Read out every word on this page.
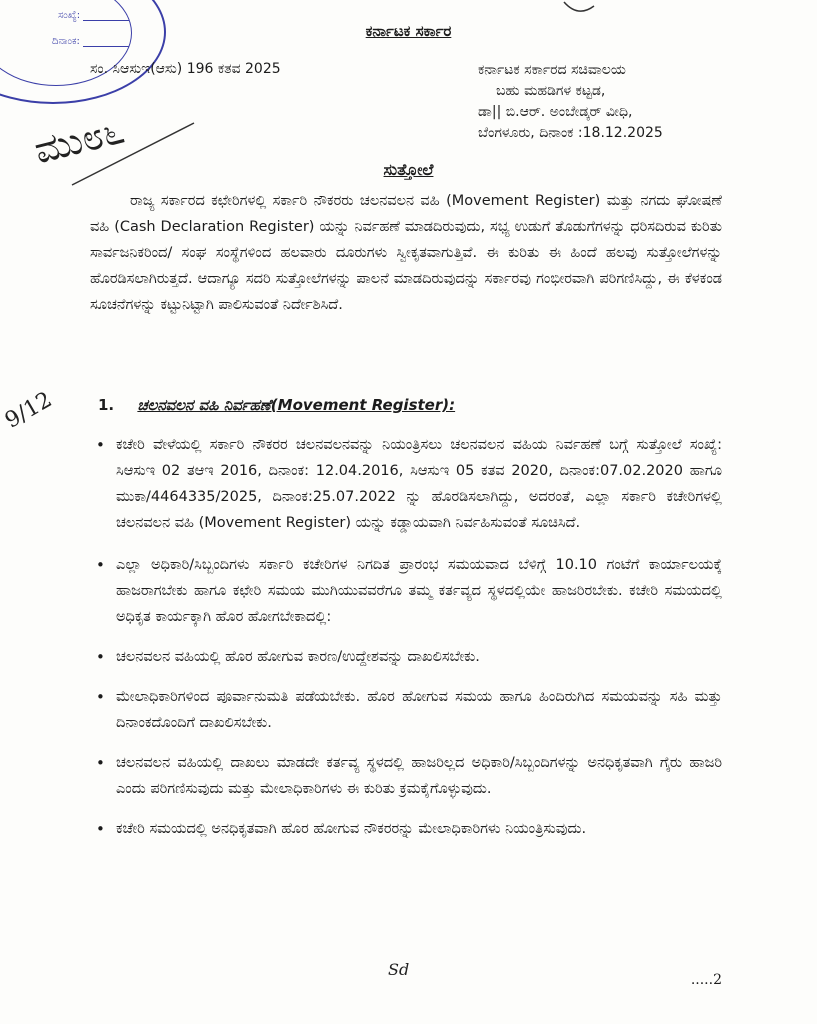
ಸಂಖ್ಯೆ:
ದಿನಾಂಕ:
ಕರ್ನಾಟಕ ಸರ್ಕಾರ
ಸಂ. ಸಿಆಸುಇ(ಆಸು) 196 ಕತವ 2025	ಕರ್ನಾಟಕ ಸರ್ಕಾರದ ಸಚಿವಾಲಯ
ಬಹು ಮಹಡಿಗಳ ಕಟ್ಟಡ,
ಡಾ|| ಬಿ.ಆರ್. ಅಂಬೇಡ್ಕರ್ ವೀಧಿ,
ಬೆಂಗಳೂರು, ದಿನಾಂಕ :18.12.2025
ಮು೮೬	ಸುತ್ತೋಲೆ
ರಾಜ್ಯ ಸರ್ಕಾರದ ಕಛೇರಿಗಳಲ್ಲಿ ಸರ್ಕಾರಿ ನೌಕರರು ಚಲನವಲನ ವಹಿ (Movement Register) ಮತ್ತು ನಗದು ಘೋಷಣೆ ವಹಿ (Cash Declaration Register) ಯನ್ನು ನಿರ್ವಹಣೆ ಮಾಡದಿರುವುದು, ಸಭ್ಯ ಉಡುಗೆ ತೊಡುಗೆಗಳನ್ನು ಧರಿಸದಿರುವ ಕುರಿತು ಸಾರ್ವಜನಿಕರಿಂದ/ ಸಂಘ ಸಂಸ್ಥೆಗಳಿಂದ ಹಲವಾರು ದೂರುಗಳು ಸ್ವೀಕೃತವಾಗುತ್ತಿವೆ. ಈ ಕುರಿತು ಈ ಹಿಂದೆ ಹಲವು ಸುತ್ತೋಲೆಗಳನ್ನು ಹೊರಡಿಸಲಾಗಿರುತ್ತದೆ. ಆದಾಗ್ಯೂ ಸದರಿ ಸುತ್ತೋಲೆಗಳನ್ನು ಪಾಲನೆ ಮಾಡದಿರುವುದನ್ನು ಸರ್ಕಾರವು ಗಂಭೀರವಾಗಿ ಪರಿಗಣಿಸಿದ್ದು, ಈ ಕೆಳಕಂಡ ಸೂಚನೆಗಳನ್ನು ಕಟ್ಟುನಿಟ್ಟಾಗಿ ಪಾಲಿಸುವಂತೆ ನಿರ್ದೇಶಿಸಿದೆ.
9/12	1. ಚಲನವಲನ ವಹಿ ನಿರ್ವಹಣೆ(Movement Register):
• ಕಚೇರಿ ವೇಳೆಯಲ್ಲಿ ಸರ್ಕಾರಿ ನೌಕರರ ಚಲನವಲನವನ್ನು ನಿಯಂತ್ರಿಸಲು ಚಲನವಲನ ವಹಿಯ ನಿರ್ವಹಣೆ ಬಗ್ಗೆ ಸುತ್ತೋಲೆ ಸಂಖ್ಯೆ: ಸಿಆಸುಇ 02 ತಆಇ 2016, ದಿನಾಂಕ: 12.04.2016, ಸಿಆಸುಇ 05 ಕತವ 2020, ದಿನಾಂಕ:07.02.2020 ಹಾಗೂ ಮುಕಾ/4464335/2025, ದಿನಾಂಕ:25.07.2022 ನ್ನು ಹೊರಡಿಸಲಾಗಿದ್ದು, ಅದರಂತೆ, ಎಲ್ಲಾ ಸರ್ಕಾರಿ ಕಚೇರಿಗಳಲ್ಲಿ ಚಲನವಲನ ವಹಿ (Movement Register) ಯನ್ನು ಕಡ್ಡಾಯವಾಗಿ ನಿರ್ವಹಿಸುವಂತೆ ಸೂಚಿಸಿದೆ.
• ಎಲ್ಲಾ ಅಧಿಕಾರಿ/ಸಿಬ್ಬಂದಿಗಳು ಸರ್ಕಾರಿ ಕಚೇರಿಗಳ ನಿಗದಿತ ಪ್ರಾರಂಭ ಸಮಯವಾದ ಬೆಳಿಗ್ಗೆ 10.10 ಗಂಟೆಗೆ ಕಾರ್ಯಾಲಯಕ್ಕೆ ಹಾಜರಾಗಬೇಕು ಹಾಗೂ ಕಛೇರಿ ಸಮಯ ಮುಗಿಯುವವರೆಗೂ ತಮ್ಮ ಕರ್ತವ್ಯದ ಸ್ಥಳದಲ್ಲಿಯೇ ಹಾಜರಿರಬೇಕು. ಕಚೇರಿ ಸಮಯದಲ್ಲಿ ಅಧಿಕೃತ ಕಾರ್ಯಕ್ಕಾಗಿ ಹೊರ ಹೋಗಬೇಕಾದಲ್ಲಿ:
• ಚಲನವಲನ ವಹಿಯಲ್ಲಿ ಹೊರ ಹೋಗುವ ಕಾರಣ/ಉದ್ದೇಶವನ್ನು ದಾಖಲಿಸಬೇಕು.
• ಮೇಲಾಧಿಕಾರಿಗಳಿಂದ ಪೂರ್ವಾನುಮತಿ ಪಡೆಯಬೇಕು. ಹೊರ ಹೋಗುವ ಸಮಯ ಹಾಗೂ ಹಿಂದಿರುಗಿದ ಸಮಯವನ್ನು ಸಹಿ ಮತ್ತು ದಿನಾಂಕದೊಂದಿಗೆ ದಾಖಲಿಸಬೇಕು.
• ಚಲನವಲನ ವಹಿಯಲ್ಲಿ ದಾಖಲು ಮಾಡದೇ ಕರ್ತವ್ಯ ಸ್ಥಳದಲ್ಲಿ ಹಾಜರಿಲ್ಲದ ಅಧಿಕಾರಿ/ಸಿಬ್ಬಂದಿಗಳನ್ನು ಅನಧಿಕೃತವಾಗಿ ಗೈರು ಹಾಜರಿ ಎಂದು ಪರಿಗಣಿಸುವುದು ಮತ್ತು ಮೇಲಾಧಿಕಾರಿಗಳು ಈ ಕುರಿತು ಕ್ರಮಕೈಗೊಳ್ಳುವುದು.
• ಕಚೇರಿ ಸಮಯದಲ್ಲಿ ಅನಧಿಕೃತವಾಗಿ ಹೊರ ಹೋಗುವ ನೌಕರರನ್ನು ಮೇಲಾಧಿಕಾರಿಗಳು ನಿಯಂತ್ರಿಸುವುದು.
Sd
.....2
